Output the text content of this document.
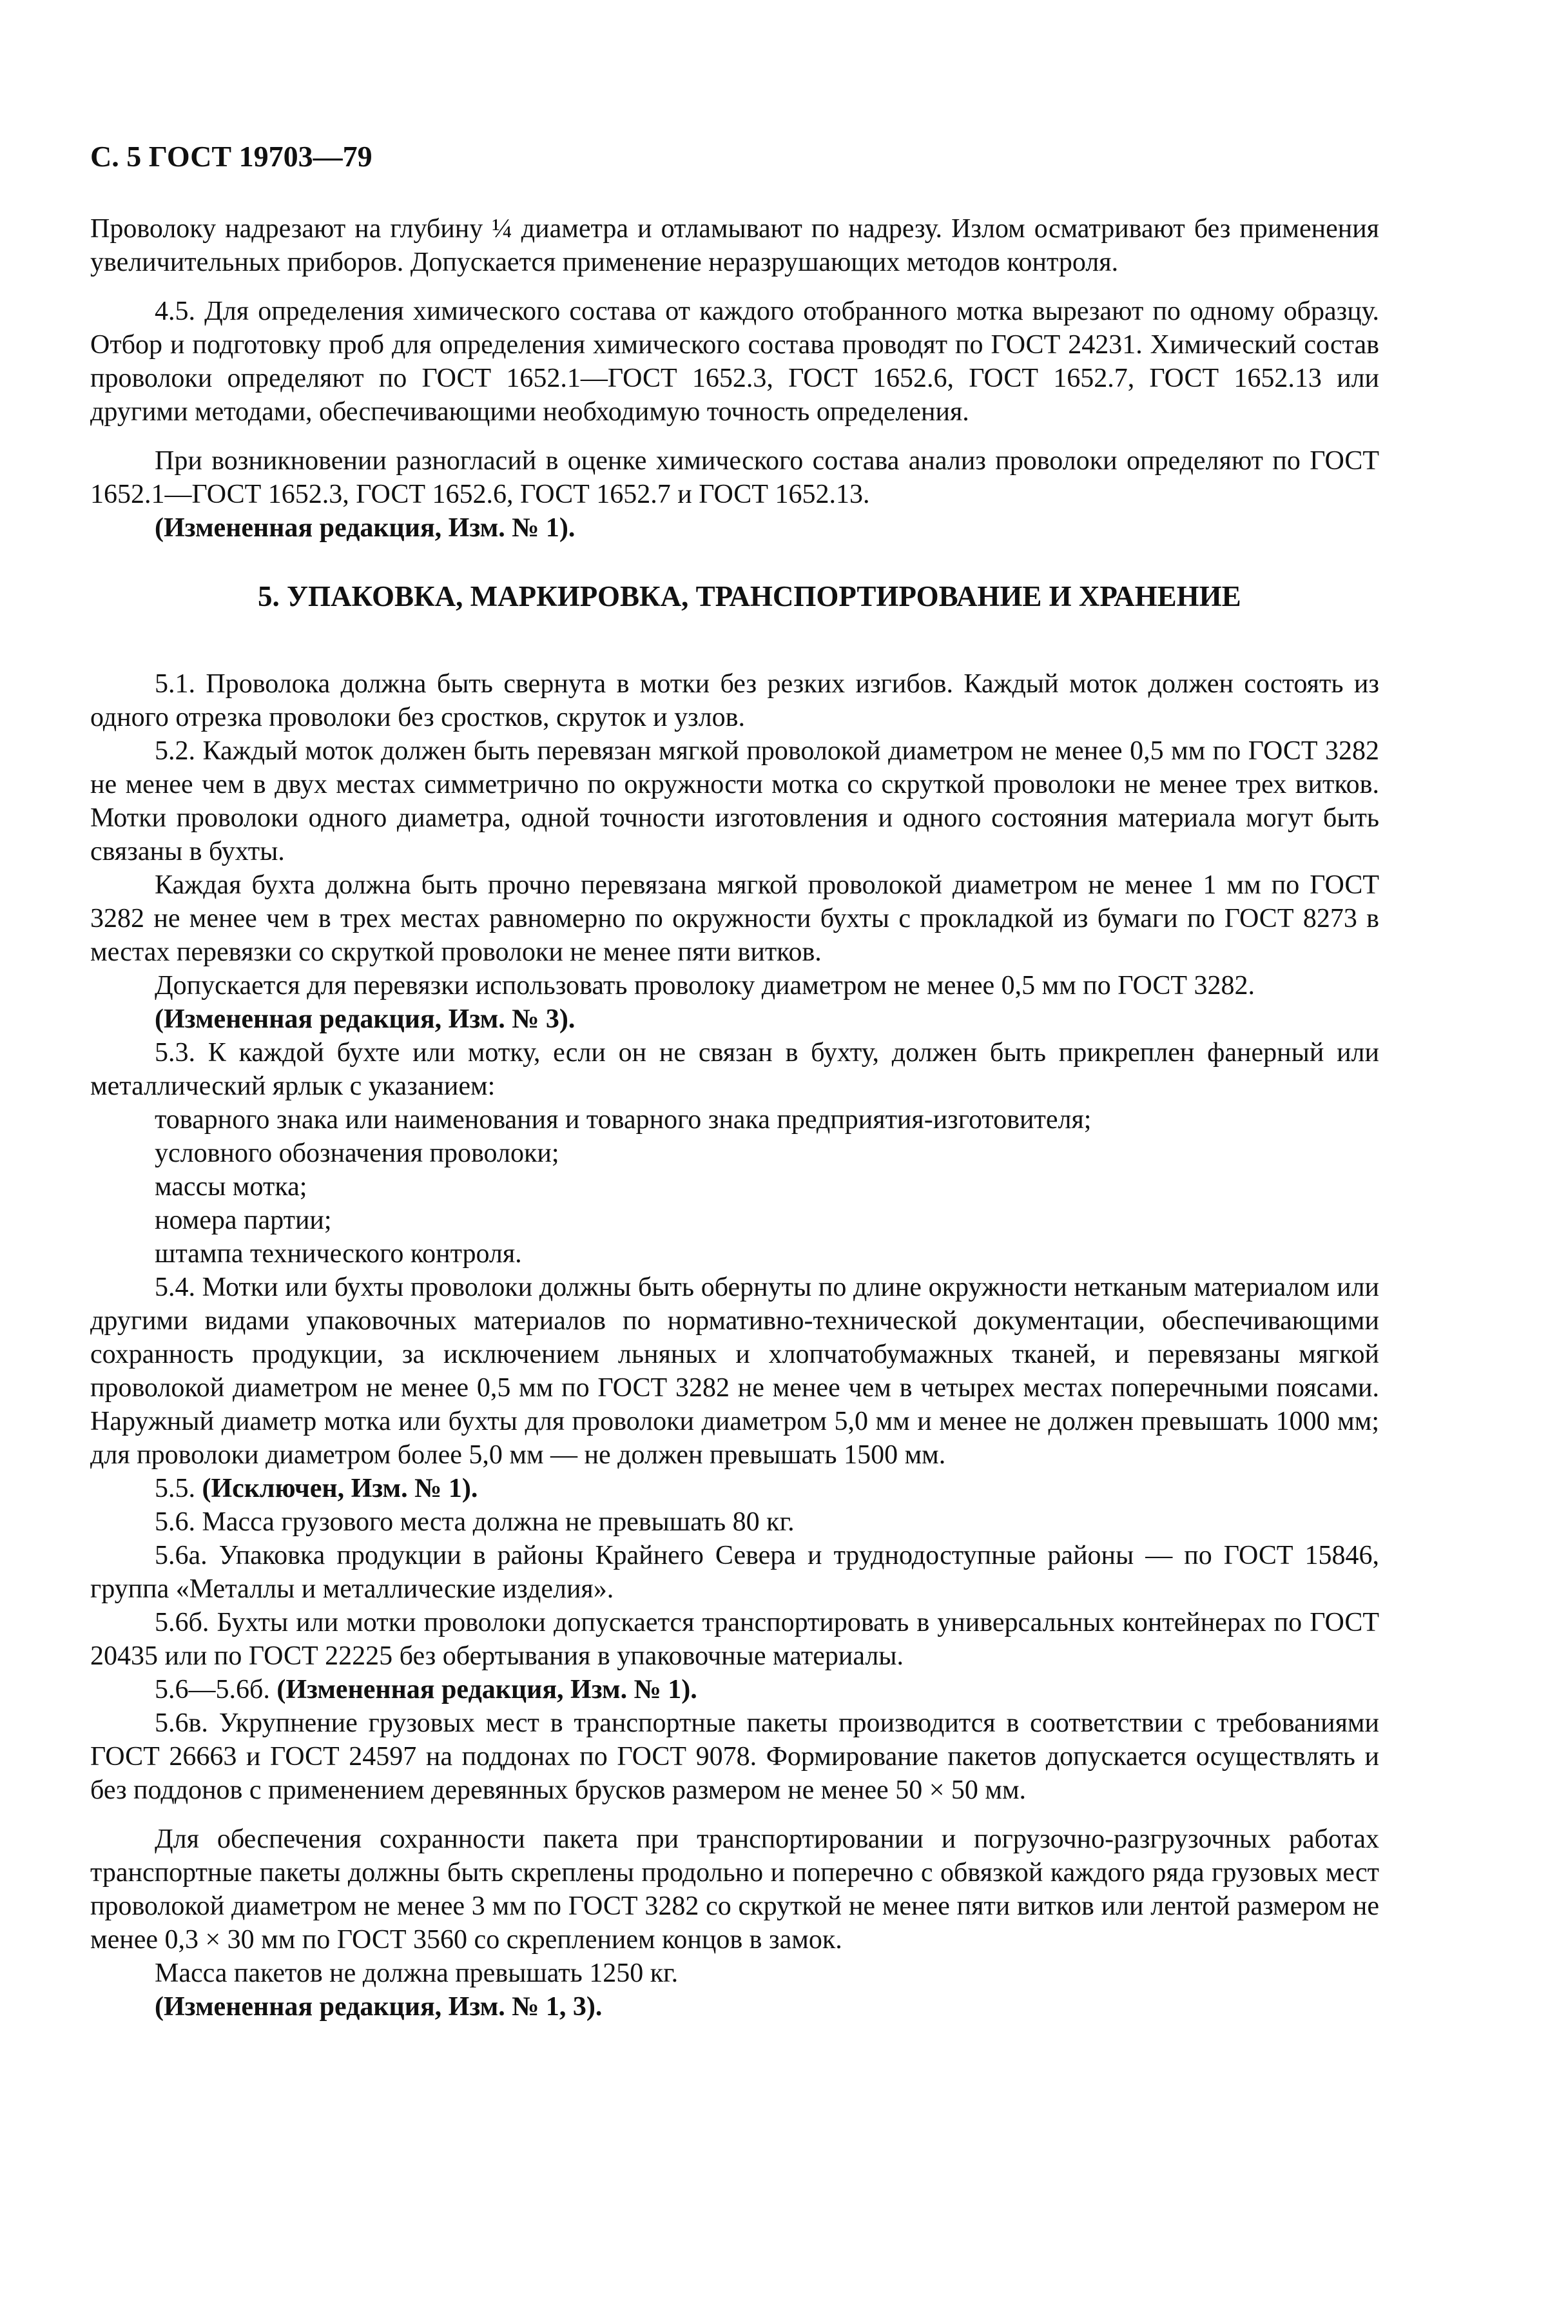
С. 5 ГОСТ 19703—79

Проволоку надрезают на глубину ¼ диаметра и отламывают по надрезу. Излом осматривают без применения увеличительных приборов. Допускается применение неразрушающих методов контроля.

4.5. Для определения химического состава от каждого отобранного мотка вырезают по одному образцу. Отбор и подготовку проб для определения химического состава проводят по ГОСТ 24231. Химический состав проволоки определяют по ГОСТ 1652.1—ГОСТ 1652.3, ГОСТ 1652.6, ГОСТ 1652.7, ГОСТ 1652.13 или другими методами, обеспечивающими необходимую точность определения.

При возникновении разногласий в оценке химического состава анализ проволоки определяют по ГОСТ 1652.1—ГОСТ 1652.3, ГОСТ 1652.6, ГОСТ 1652.7 и ГОСТ 1652.13.

(Измененная редакция, Изм. № 1).

5. УПАКОВКА, МАРКИРОВКА, ТРАНСПОРТИРОВАНИЕ И ХРАНЕНИЕ

5.1. Проволока должна быть свернута в мотки без резких изгибов. Каждый моток должен состоять из одного отрезка проволоки без сростков, скруток и узлов.

5.2. Каждый моток должен быть перевязан мягкой проволокой диаметром не менее 0,5 мм по ГОСТ 3282 не менее чем в двух местах симметрично по окружности мотка со скруткой проволоки не менее трех витков. Мотки проволоки одного диаметра, одной точности изготовления и одного состояния материала могут быть связаны в бухты.

Каждая бухта должна быть прочно перевязана мягкой проволокой диаметром не менее 1 мм по ГОСТ 3282 не менее чем в трех местах равномерно по окружности бухты с прокладкой из бумаги по ГОСТ 8273 в местах перевязки со скруткой проволоки не менее пяти витков.

Допускается для перевязки использовать проволоку диаметром не менее 0,5 мм по ГОСТ 3282.

(Измененная редакция, Изм. № 3).

5.3. К каждой бухте или мотку, если он не связан в бухту, должен быть прикреплен фанерный или металлический ярлык с указанием:

товарного знака или наименования и товарного знака предприятия-изготовителя;

условного обозначения проволоки;

массы мотка;

номера партии;

штампа технического контроля.

5.4. Мотки или бухты проволоки должны быть обернуты по длине окружности нетканым материалом или другими видами упаковочных материалов по нормативно-технической документации, обеспечивающими сохранность продукции, за исключением льняных и хлопчатобумажных тканей, и перевязаны мягкой проволокой диаметром не менее 0,5 мм по ГОСТ 3282 не менее чем в четырех местах поперечными поясами. Наружный диаметр мотка или бухты для проволоки диаметром 5,0 мм и менее не должен превышать 1000 мм; для проволоки диаметром более 5,0 мм — не должен превышать 1500 мм.

5.5. (Исключен, Изм. № 1).

5.6. Масса грузового места должна не превышать 80 кг.

5.6а. Упаковка продукции в районы Крайнего Севера и труднодоступные районы — по ГОСТ 15846, группа «Металлы и металлические изделия».

5.6б. Бухты или мотки проволоки допускается транспортировать в универсальных контейнерах по ГОСТ 20435 или по ГОСТ 22225 без обертывания в упаковочные материалы.

5.6—5.6б. (Измененная редакция, Изм. № 1).

5.6в. Укрупнение грузовых мест в транспортные пакеты производится в соответствии с требованиями ГОСТ 26663 и ГОСТ 24597 на поддонах по ГОСТ 9078. Формирование пакетов допускается осуществлять и без поддонов с применением деревянных брусков размером не менее 50 × 50 мм.

Для обеспечения сохранности пакета при транспортировании и погрузочно-разгрузочных работах транспортные пакеты должны быть скреплены продольно и поперечно с обвязкой каждого ряда грузовых мест проволокой диаметром не менее 3 мм по ГОСТ 3282 со скруткой не менее пяти витков или лентой размером не менее 0,3 × 30 мм по ГОСТ 3560 со скреплением концов в замок.

Масса пакетов не должна превышать 1250 кг.

(Измененная редакция, Изм. № 1, 3).
